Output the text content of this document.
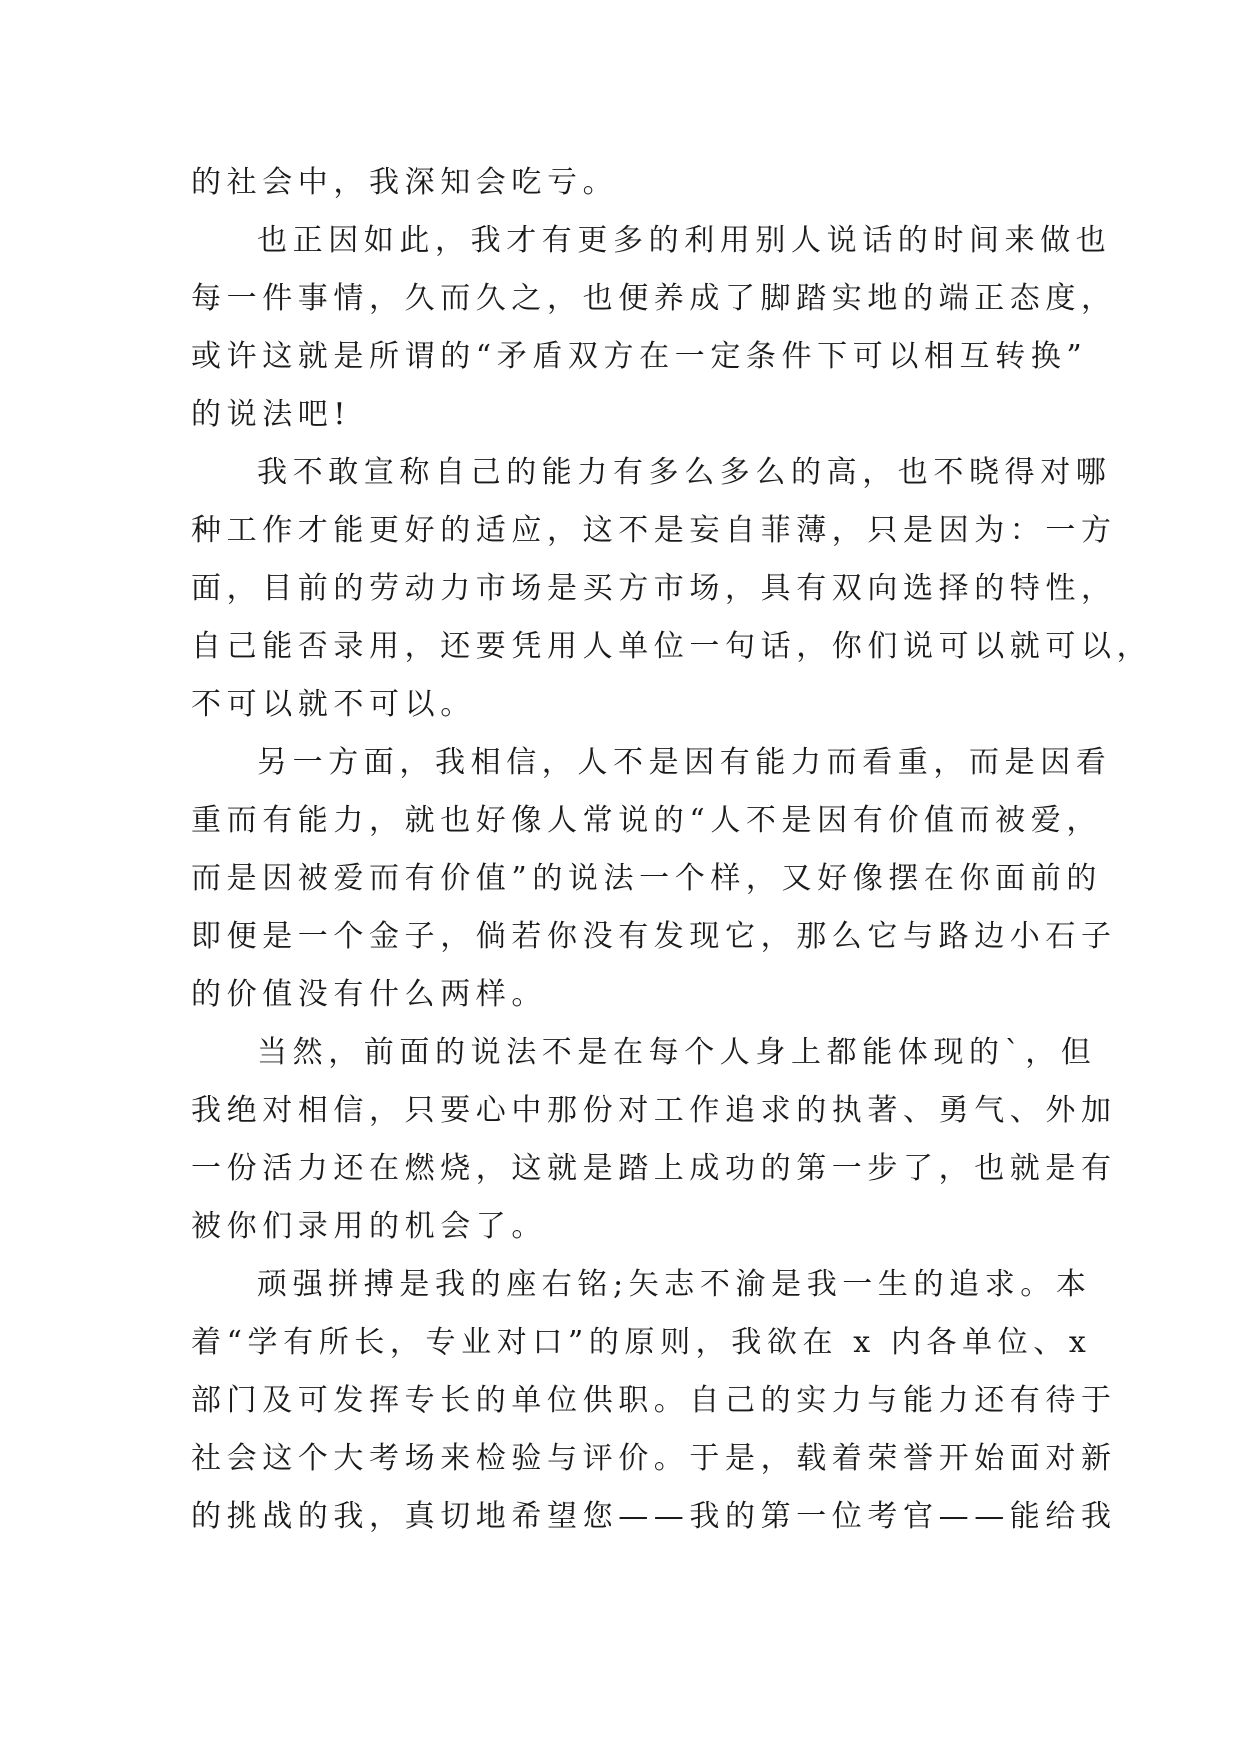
的社会中，我深知会吃亏。
也正因如此，我才有更多的利用别人说话的时间来做也
每一件事情，久而久之，也便养成了脚踏实地的端正态度，
或许这就是所谓的“矛盾双方在一定条件下可以相互转换”
的说法吧!
我不敢宣称自己的能力有多么多么的高，也不晓得对哪
种工作才能更好的适应，这不是妄自菲薄，只是因为：一方
面，目前的劳动力市场是买方市场，具有双向选择的特性，
自己能否录用，还要凭用人单位一句话，你们说可以就可以，
不可以就不可以。
另一方面，我相信，人不是因有能力而看重，而是因看
重而有能力，就也好像人常说的“人不是因有价值而被爱，
而是因被爱而有价值”的说法一个样，又好像摆在你面前的
即便是一个金子，倘若你没有发现它，那么它与路边小石子
的价值没有什么两样。
当然，前面的说法不是在每个人身上都能体现的`，但
我绝对相信，只要心中那份对工作追求的执著、勇气、外加
一份活力还在燃烧，这就是踏上成功的第一步了，也就是有
被你们录用的机会了。
顽强拼搏是我的座右铭;矢志不渝是我一生的追求。本
着“学有所长，专业对口”的原则，我欲在 x 内各单位、x
部门及可发挥专长的单位供职。自己的实力与能力还有待于
社会这个大考场来检验与评价。于是，载着荣誉开始面对新
的挑战的我，真切地希望您——我的第一位考官——能给我
